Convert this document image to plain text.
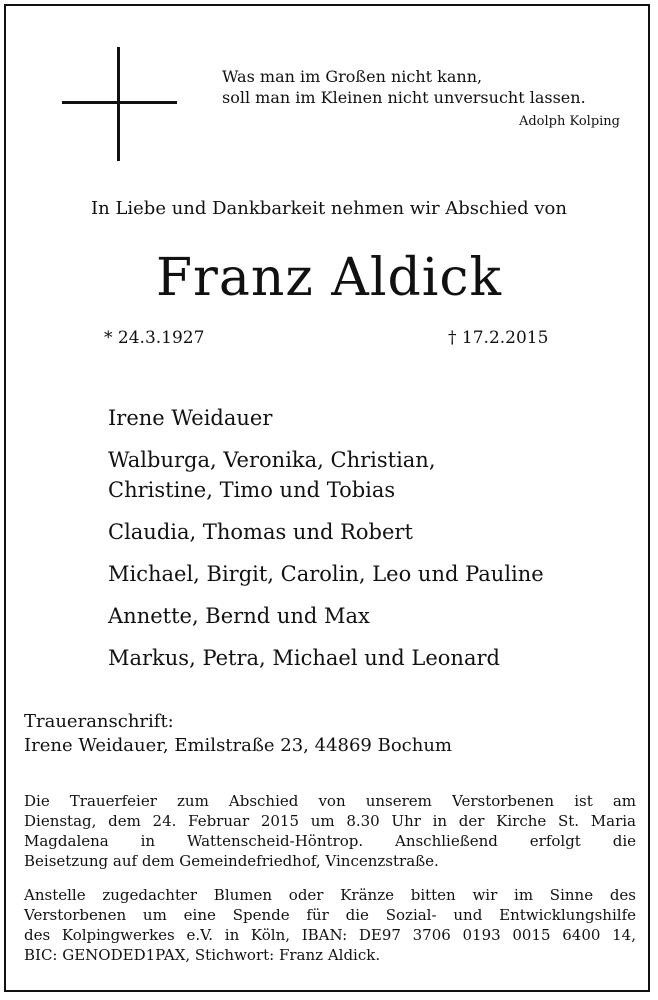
Was man im Großen nicht kann,
soll man im Kleinen nicht unversucht lassen.
Adolph Kolping
In Liebe und Dankbarkeit nehmen wir Abschied von
Franz Aldick
* 24.3.1927	† 17.2.2015
Irene Weidauer
Walburga, Veronika, Christian,
Christine, Timo und Tobias
Claudia, Thomas und Robert
Michael, Birgit, Carolin, Leo und Pauline
Annette, Bernd und Max
Markus, Petra, Michael und Leonard
Traueranschrift:
Irene Weidauer, Emilstraße 23, 44869 Bochum
Die Trauerfeier zum Abschied von unserem Verstorbenen ist am
Dienstag, dem 24. Februar 2015 um 8.30 Uhr in der Kirche St. Maria
Magdalena in Wattenscheid-Höntrop. Anschließend erfolgt die
Beisetzung auf dem Gemeindefriedhof, Vincenzstraße.
Anstelle zugedachter Blumen oder Kränze bitten wir im Sinne des
Verstorbenen um eine Spende für die Sozial- und Entwicklungshilfe
des Kolpingwerkes e.V. in Köln, IBAN: DE97 3706 0193 0015 6400 14,
BIC: GENODED1PAX, Stichwort: Franz Aldick.
